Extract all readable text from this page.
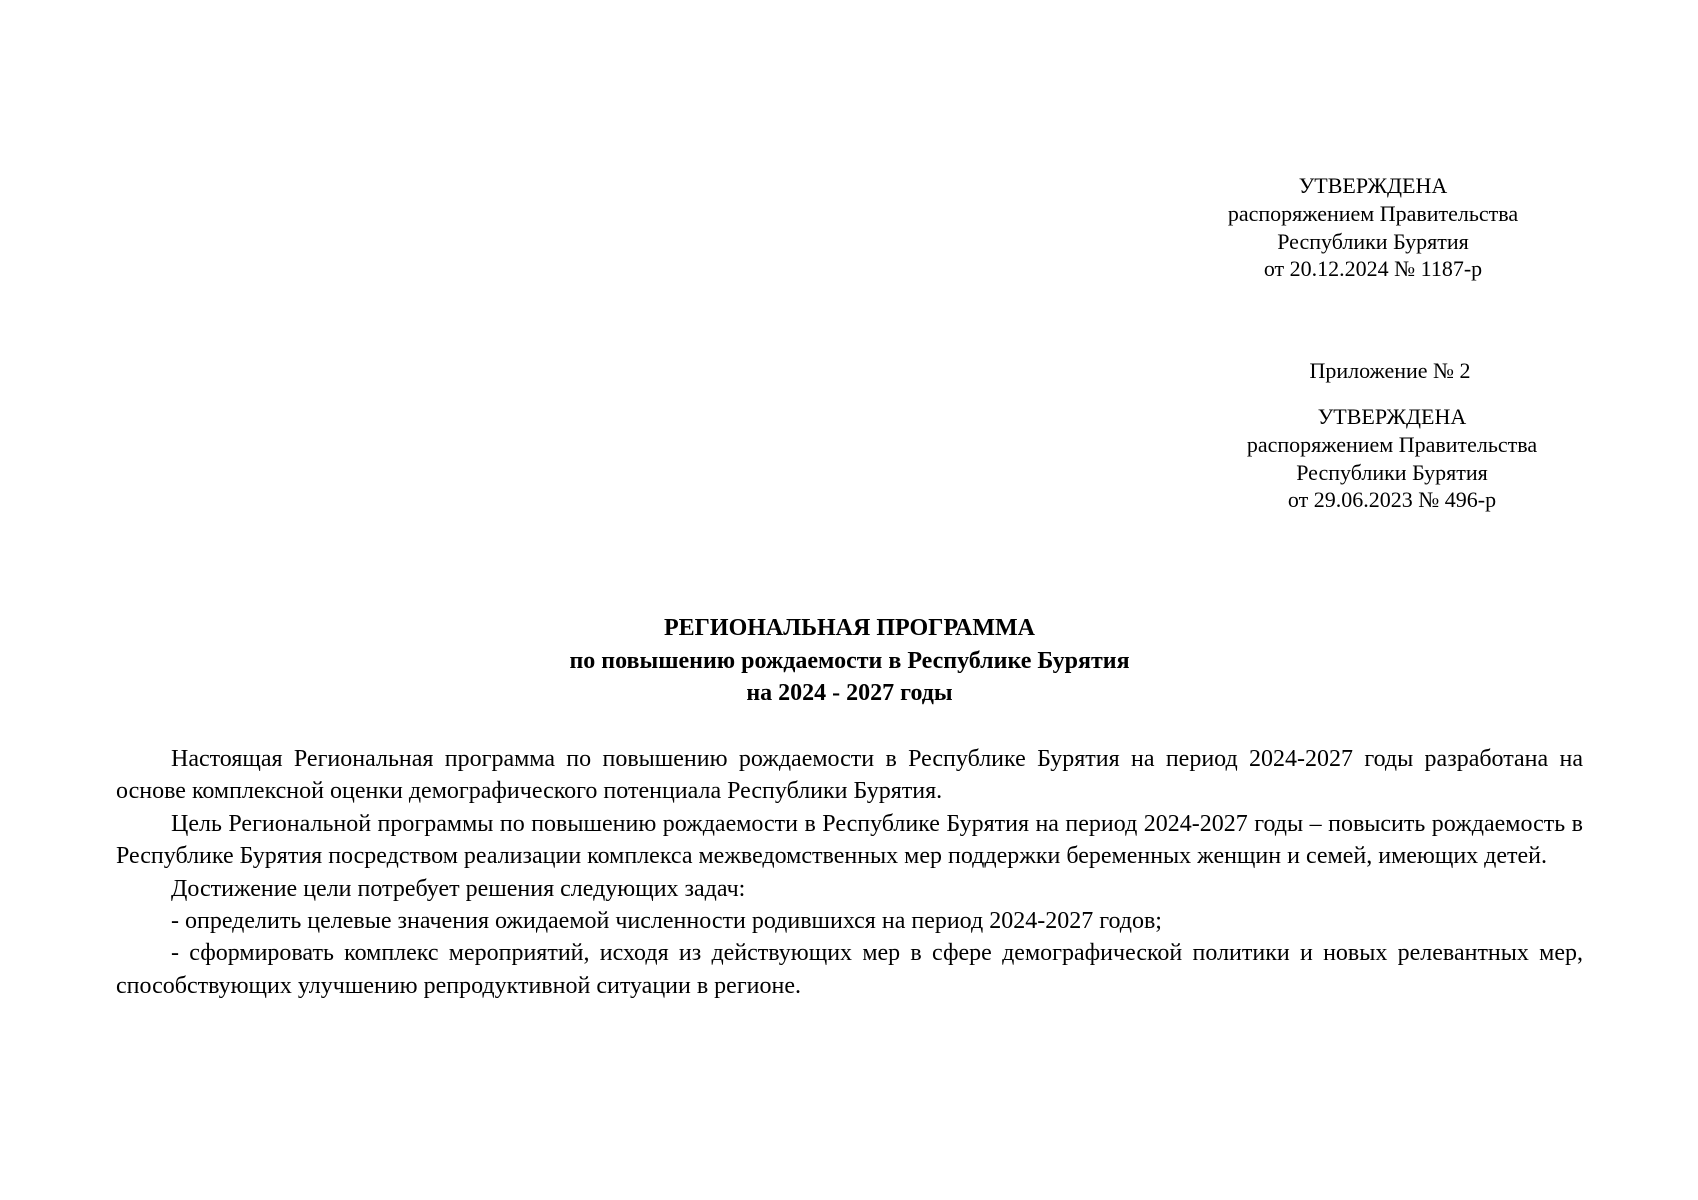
УТВЕРЖДЕНА
распоряжением Правительства
Республики Бурятия
от 20.12.2024 № 1187-р
Приложение № 2
УТВЕРЖДЕНА
распоряжением Правительства
Республики Бурятия
от 29.06.2023 № 496-р
РЕГИОНАЛЬНАЯ ПРОГРАММА
по повышению рождаемости в Республике Бурятия
на 2024 - 2027 годы

Настоящая Региональная программа по повышению рождаемости в Республике Бурятия на период 2024-2027 годы разработана на основе комплексной оценки демографического потенциала Республики Бурятия.

Цель Региональной программы по повышению рождаемости в Республике Бурятия на период 2024-2027 годы – повысить рождаемость в Республике Бурятия посредством реализации комплекса межведомственных мер поддержки беременных женщин и семей, имеющих детей.

Достижение цели потребует решения следующих задач:

- определить целевые значения ожидаемой численности родившихся на период 2024-2027 годов;

- сформировать комплекс мероприятий, исходя из действующих мер в сфере демографической политики и новых релевантных мер, способствующих улучшению репродуктивной ситуации в регионе.
